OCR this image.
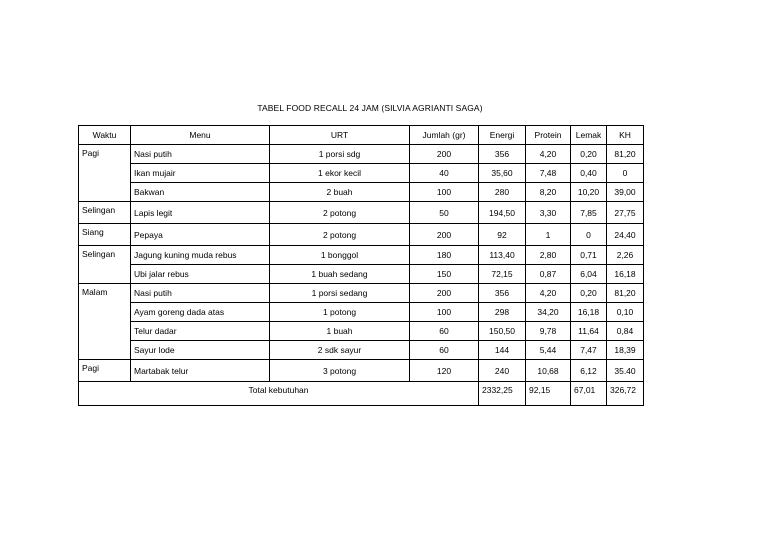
TABEL FOOD RECALL 24 JAM (SILVIA AGRIANTI SAGA)
Waktu	Menu	URT	Jumlah (gr)	Energi	Protein	Lemak	KH
Pagi	Nasi putih	1 porsi sdg	200	356	4,20	0,20	81,20
	Ikan mujair	1 ekor kecil	40	35,60	7,48	0,40	0
	Bakwan	2 buah	100	280	8,20	10,20	39,00
Selingan	Lapis legit	2 potong	50	194,50	3,30	7,85	27,75
Siang	Pepaya	2 potong	200	92	1	0	24,40
Selingan	Jagung kuning muda rebus	1 bonggol	180	113,40	2,80	0,71	2,26
	Ubi jalar rebus	1 buah sedang	150	72,15	0,87	6,04	16,18
Malam	Nasi putih	1 porsi sedang	200	356	4,20	0,20	81,20
	Ayam goreng dada atas	1 potong	100	298	34,20	16,18	0,10
	Telur dadar	1 buah	60	150,50	9,78	11,64	0,84
	Sayur lode	2 sdk sayur	60	144	5,44	7,47	18,39
Pagi	Martabak telur	3 potong	120	240	10,68	6,12	35.40
Total kebutuhan				2332,25	92,15	67,01	326,72
